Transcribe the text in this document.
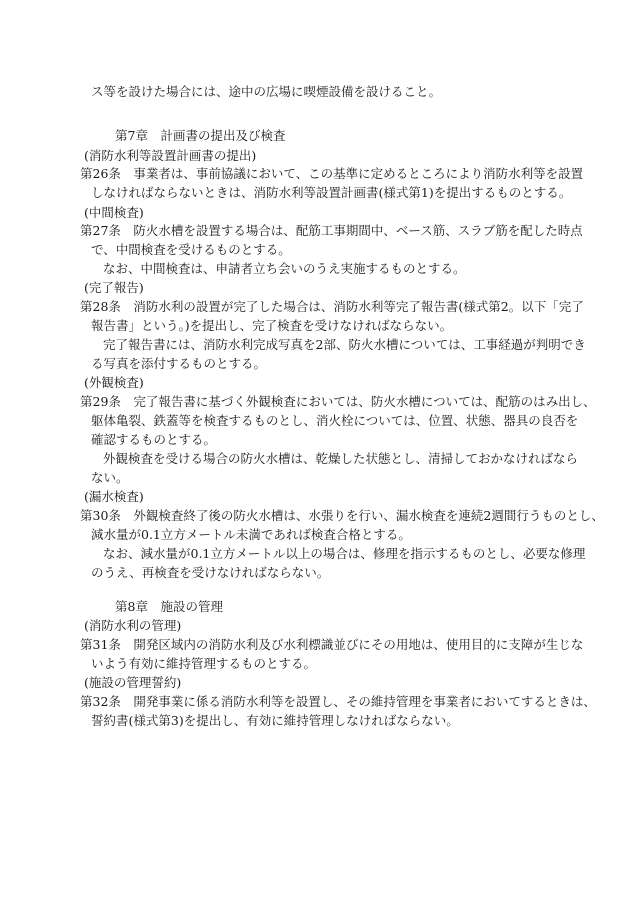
ス等を設けた場合には、途中の広場に喫煙設備を設けること。
第7章　計画書の提出及び検査
(消防水利等設置計画書の提出)
第26条　事業者は、事前協議において、この基準に定めるところにより消防水利等を設置
しなければならないときは、消防水利等設置計画書(様式第1)を提出するものとする。
(中間検査)
第27条　防火水槽を設置する場合は、配筋工事期間中、ベース筋、スラブ筋を配した時点
で、中間検査を受けるものとする。
なお、中間検査は、申請者立ち会いのうえ実施するものとする。
(完了報告)
第28条　消防水利の設置が完了した場合は、消防水利等完了報告書(様式第2。以下「完了
報告書」という。)を提出し、完了検査を受けなければならない。
完了報告書には、消防水利完成写真を2部、防火水槽については、工事経過が判明でき
る写真を添付するものとする。
(外観検査)
第29条　完了報告書に基づく外観検査においては、防火水槽については、配筋のはみ出し、
躯体亀裂、鉄蓋等を検査するものとし、消火栓については、位置、状態、器具の良否を
確認するものとする。
外観検査を受ける場合の防火水槽は、乾燥した状態とし、清掃しておかなければなら
ない。
(漏水検査)
第30条　外観検査終了後の防火水槽は、水張りを行い、漏水検査を連続2週間行うものとし、
減水量が0.1立方メートル未満であれば検査合格とする。
なお、減水量が0.1立方メートル以上の場合は、修理を指示するものとし、必要な修理
のうえ、再検査を受けなければならない。
第8章　施設の管理
(消防水利の管理)
第31条　開発区域内の消防水利及び水利標識並びにその用地は、使用目的に支障が生じな
いよう有効に維持管理するものとする。
(施設の管理誓約)
第32条　開発事業に係る消防水利等を設置し、その維持管理を事業者においてするときは、
誓約書(様式第3)を提出し、有効に維持管理しなければならない。
